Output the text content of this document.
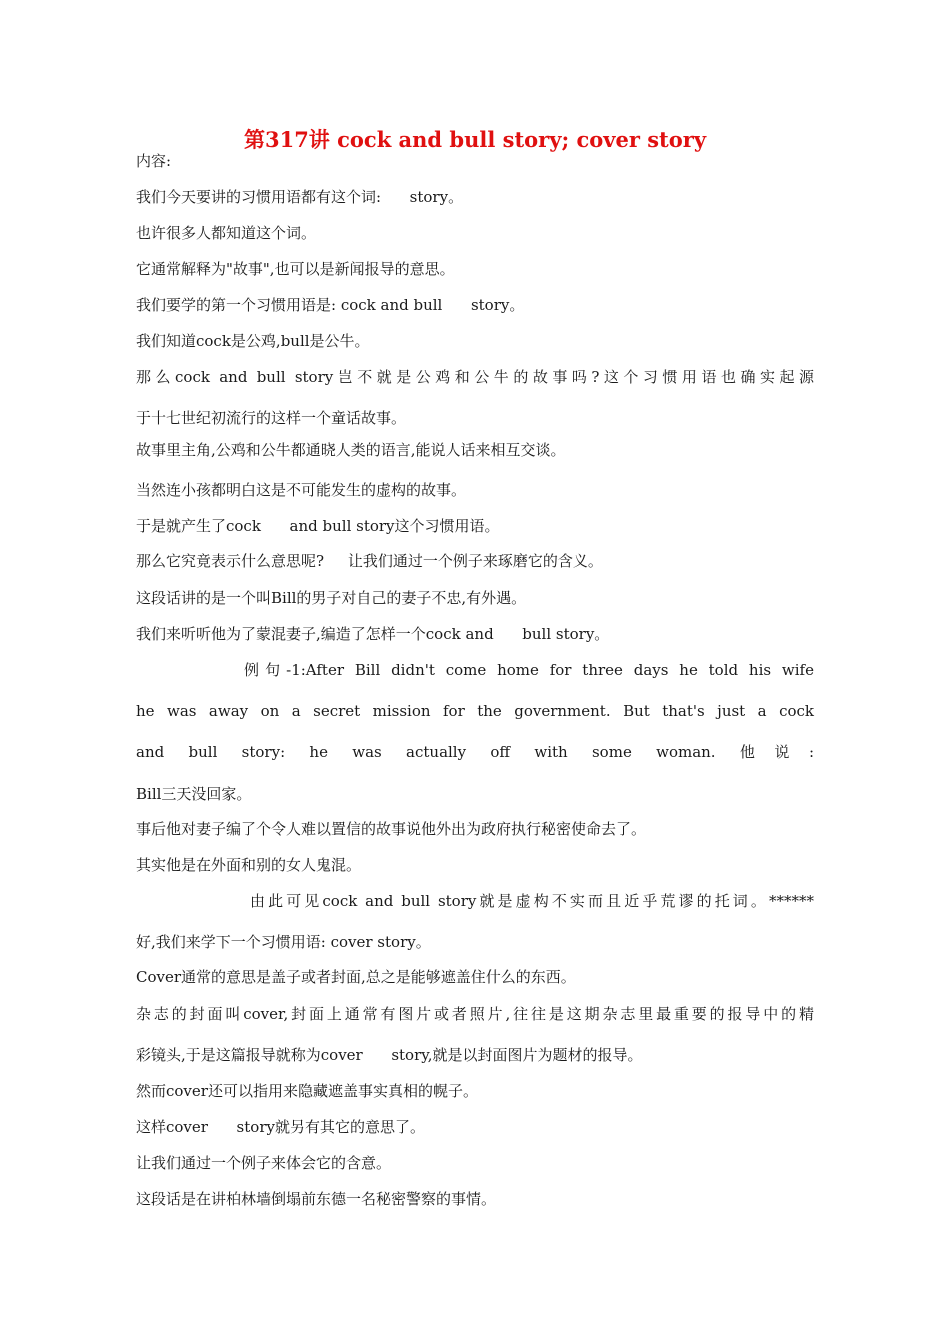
第317讲 cock and bull story; cover story
内容:
我们今天要讲的习惯用语都有这个词:      story。
也许很多人都知道这个词。
它通常解释为"故事",也可以是新闻报导的意思。
我们要学的第一个习惯用语是: cock and bull      story。
我们知道cock是公鸡,bull是公牛。
那么cock and bull story岂不就是公鸡和公牛的故事吗?这个习惯用语也确实起源
于十七世纪初流行的这样一个童话故事。
故事里主角,公鸡和公牛都通晓人类的语言,能说人话来相互交谈。
当然连小孩都明白这是不可能发生的虚构的故事。
于是就产生了cock      and bull story这个习惯用语。
那么它究竟表示什么意思呢?     让我们通过一个例子来琢磨它的含义。
这段话讲的是一个叫Bill的男子对自己的妻子不忠,有外遇。
我们来听听他为了蒙混妻子,编造了怎样一个cock and      bull story。
例句-1:After Bill didn't come home for three days he told his wife
he was away on a secret mission for the government. But that's just a cock
and bull story: he was actually off with some woman. 他说:
Bill三天没回家。
事后他对妻子编了个令人难以置信的故事说他外出为政府执行秘密使命去了。
其实他是在外面和别的女人鬼混。
由此可见cock and bull story就是虚构不实而且近乎荒谬的托词。******
好,我们来学下一个习惯用语: cover story。
Cover通常的意思是盖子或者封面,总之是能够遮盖住什么的东西。
杂志的封面叫cover,封面上通常有图片或者照片,往往是这期杂志里最重要的报导中的精
彩镜头,于是这篇报导就称为cover      story,就是以封面图片为题材的报导。
然而cover还可以指用来隐藏遮盖事实真相的幌子。
这样cover      story就另有其它的意思了。
让我们通过一个例子来体会它的含意。
这段话是在讲柏林墙倒塌前东德一名秘密警察的事情。
